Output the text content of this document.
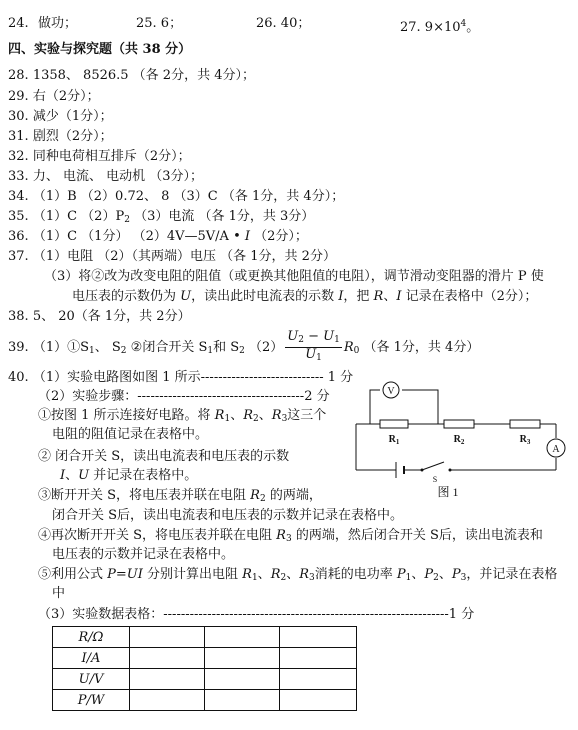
24. 做功；	25. 6；	26. 40；	27. $9\times 10^4$。
四、实验与探究题（共 38 分）
28. 1358、 8526.5 （各 2分，共 4分）；
29. 右（2分）；
30. 减少（1分）；
31. 剧烈（2分）；
32. 同种电荷相互排斥（2分）；
33. 力、 电流、 电动机 （3分）；
34. （1）B （2）0.72、 8 （3）C （各 1分，共 4分）；
35. （1）C $(2)P_2$ （3）电流 （各 1分，共 3分）
36. （1）C （1分） （2）4V—5V/A • I （2分）；
37. （1）电阻 （2）（其两端）电压 （各 1分，共 2分）
（3）将②改为改变电阻的阻值（或更换其他阻值的电阻），调节滑动变阻器的滑片 P 使
电压表的示数仍为 U，读出此时电流表的示数 I，把 R、I 记录在表格中（2分）；
38. 5、 20（各 1分，共 2分）
39. $(1)①S_1$、 $S_2$ ②闭合开关 $S_1$和 $S_2$ $(2) \frac{U_2 - U_1}{U_1} R_0$ （各 1分，共 4分）
40. （1）实验电路图如图 1 所示---------------------------- 1 分
（2）实验步骤：--------------------------------------2 分
①按图 1 所示连接好电路。将 $R_1$、$R_2$、$R_3$这三个
电阻的阻值记录在表格中。
② 闭合开关 S，读出电流表和电压表的示数
I、U 并记录在表格中。
③断开开关 S，将电压表并联在电阻 $R_2$ 的两端，
闭合开关 S后，读出电流表和电压表的示数并记录在表格中。
④再次断开开关 S，将电压表并联在电阻 $R_3$ 的两端，然后闭合开关 S后，读出电流表和
电压表的示数并记录在表格中。
⑤利用公式 P=UI 分别计算出电阻 $R_1$、$R_2$、$R_3$消耗的电功率 $P_1$、$P_2$、$P_3$，并记录在表格
中
（3）实验数据表格：-----------------------------------------------------------------1 分
R/Ω			
I/A			
U/V			
P/W			
V
A
$R_1$	$R_2$	$R_3$
S
图 1
